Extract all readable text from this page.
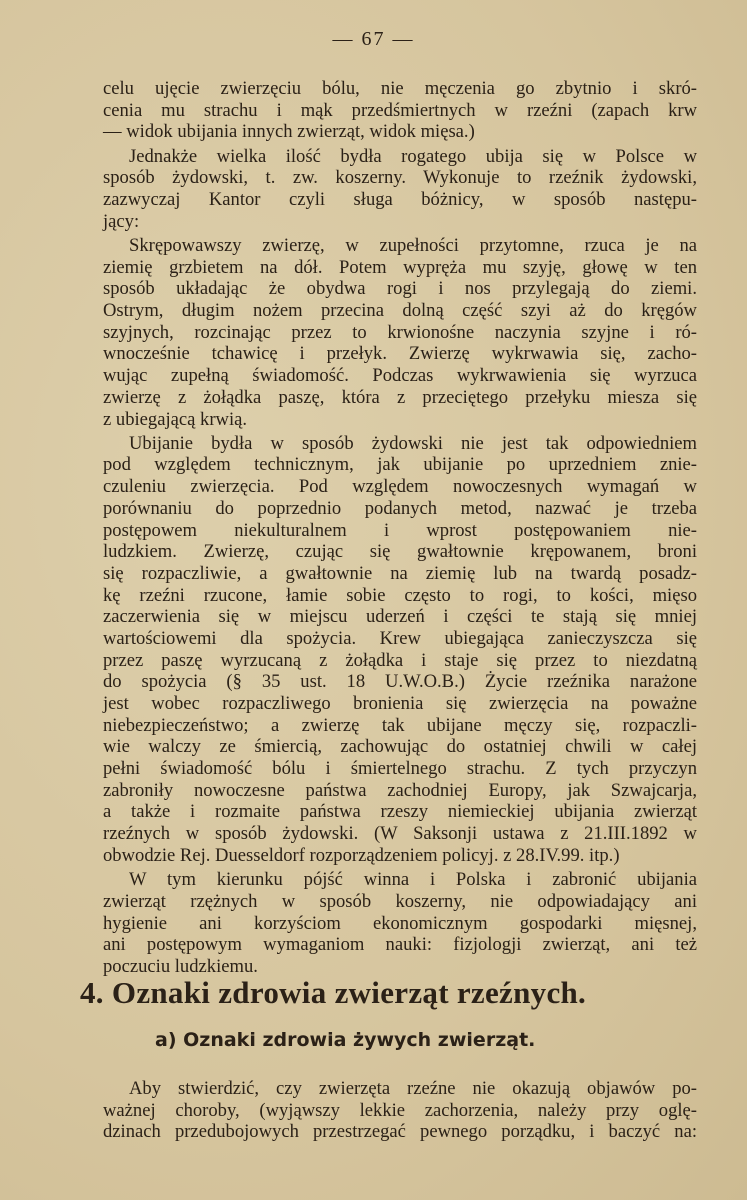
— 67 —
celu ujęcie zwierzęciu bólu, nie męczenia go zbytnio i skró-
cenia mu strachu i mąk przedśmiertnych w rzeźni (zapach krw
— widok ubijania innych zwierząt, widok mięsa.)
Jednakże wielka ilość bydła rogatego ubija się w Polsce w
sposób żydowski, t. zw. koszerny. Wykonuje to rzeźnik żydowski,
zazwyczaj Kantor czyli sługa bóżnicy, w sposób następu-
jący:
Skrępowawszy zwierzę, w zupełności przytomne, rzuca je na
ziemię grzbietem na dół. Potem wypręża mu szyję, głowę w ten
sposób układając że obydwa rogi i nos przylegają do ziemi.
Ostrym, długim nożem przecina dolną część szyi aż do kręgów
szyjnych, rozcinając przez to krwionośne naczynia szyjne i ró-
wnocześnie tchawicę i przełyk. Zwierzę wykrwawia się, zacho-
wując zupełną świadomość. Podczas wykrwawienia się wyrzuca
zwierzę z żołądka paszę, która z przeciętego przełyku miesza się
z ubiegającą krwią.
Ubijanie bydła w sposób żydowski nie jest tak odpowiedniem
pod względem technicznym, jak ubijanie po uprzedniem znie-
czuleniu zwierzęcia. Pod względem nowoczesnych wymagań w
porównaniu do poprzednio podanych metod, nazwać je trzeba
postępowem niekulturalnem i wprost postępowaniem nie-
ludzkiem. Zwierzę, czując się gwałtownie krępowanem, broni
się rozpaczliwie, a gwałtownie na ziemię lub na twardą posadz-
kę rzeźni rzucone, łamie sobie często to rogi, to kości, mięso
zaczerwienia się w miejscu uderzeń i części te stają się mniej
wartościowemi dla spożycia. Krew ubiegająca zanieczyszcza się
przez paszę wyrzucaną z żołądka i staje się przez to niezdatną
do spożycia (§ 35 ust. 18 U.W.O.B.) Życie rzeźnika narażone
jest wobec rozpaczliwego bronienia się zwierzęcia na poważne
niebezpieczeństwo; a zwierzę tak ubijane męczy się, rozpaczli-
wie walczy ze śmiercią, zachowując do ostatniej chwili w całej
pełni świadomość bólu i śmiertelnego strachu. Z tych przyczyn
zabroniły nowoczesne państwa zachodniej Europy, jak Szwajcarja,
a także i rozmaite państwa rzeszy niemieckiej ubijania zwierząt
rzeźnych w sposób żydowski. (W Saksonji ustawa z 21.III.1892 w
obwodzie Rej. Duesseldorf rozporządzeniem policyj. z 28.IV.99. itp.)
W tym kierunku pójść winna i Polska i zabronić ubijania
zwierząt rzężnych w sposób koszerny, nie odpowiadający ani
hygienie ani korzyściom ekonomicznym gospodarki mięsnej,
ani postępowym wymaganiom nauki: fizjologji zwierząt, ani też
poczuciu ludzkiemu.
4. Oznaki zdrowia zwierząt rzeźnych.
a) Oznaki zdrowia żywych zwierząt.
Aby stwierdzić, czy zwierzęta rzeźne nie okazują objawów po-
ważnej choroby, (wyjąwszy lekkie zachorzenia, należy przy oglę-
dzinach przedubojowych przestrzegać pewnego porządku, i baczyć na:
